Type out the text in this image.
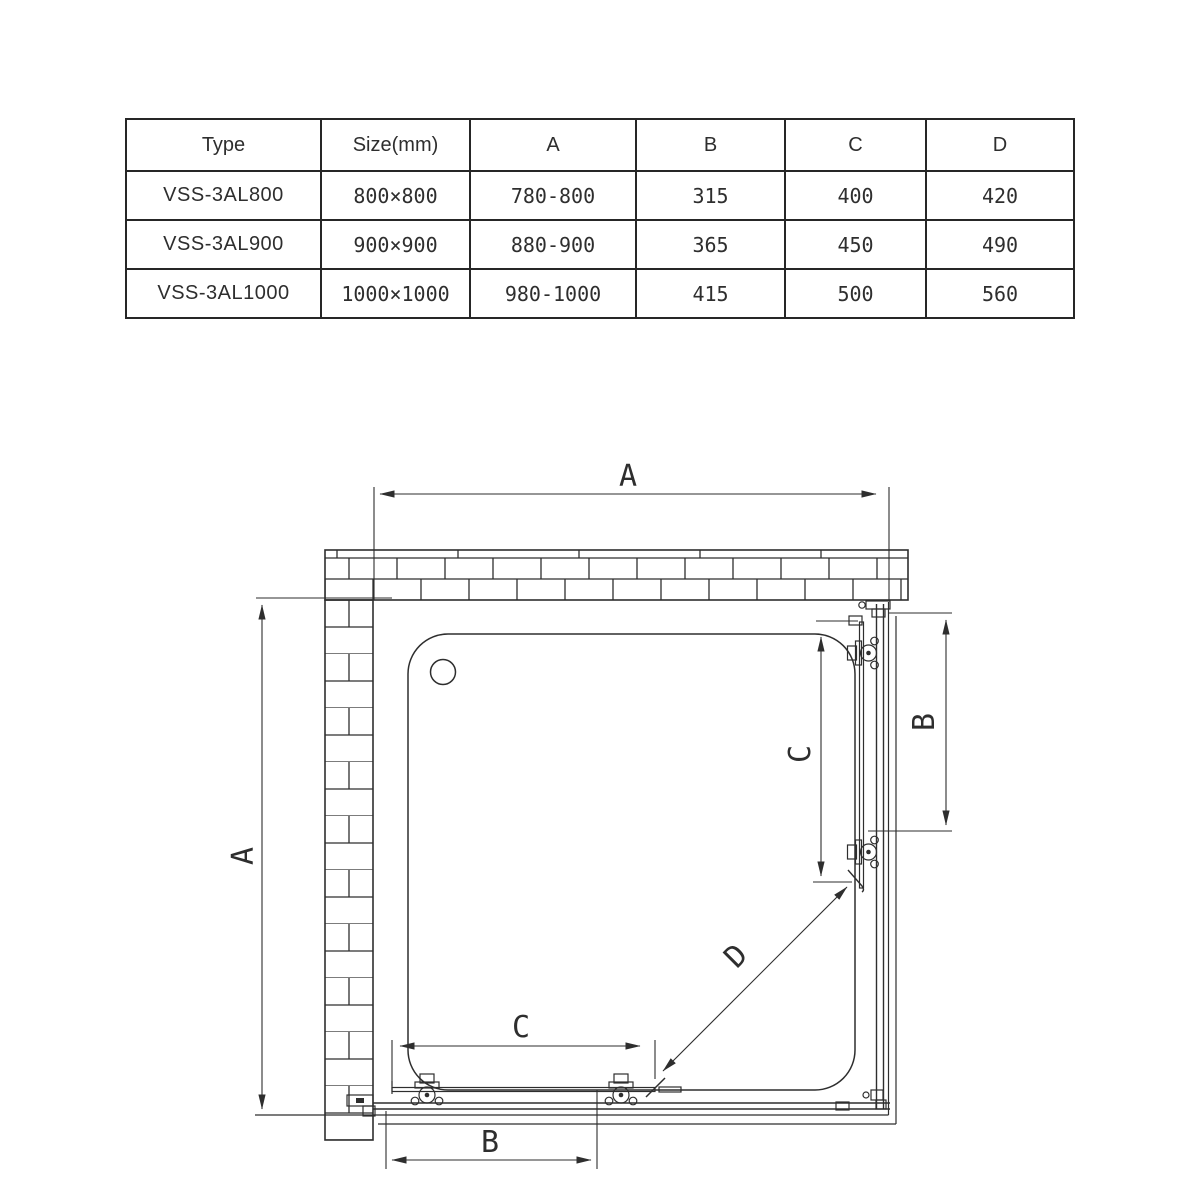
Type	Size(mm)	A	B	C	D
VSS-3AL800	800×800	780-800	315	400	420
VSS-3AL900	900×900	880-900	365	450	490
VSS-3AL1000	1000×1000	980-1000	415	500	560
A
A
B
C
D
C
B
